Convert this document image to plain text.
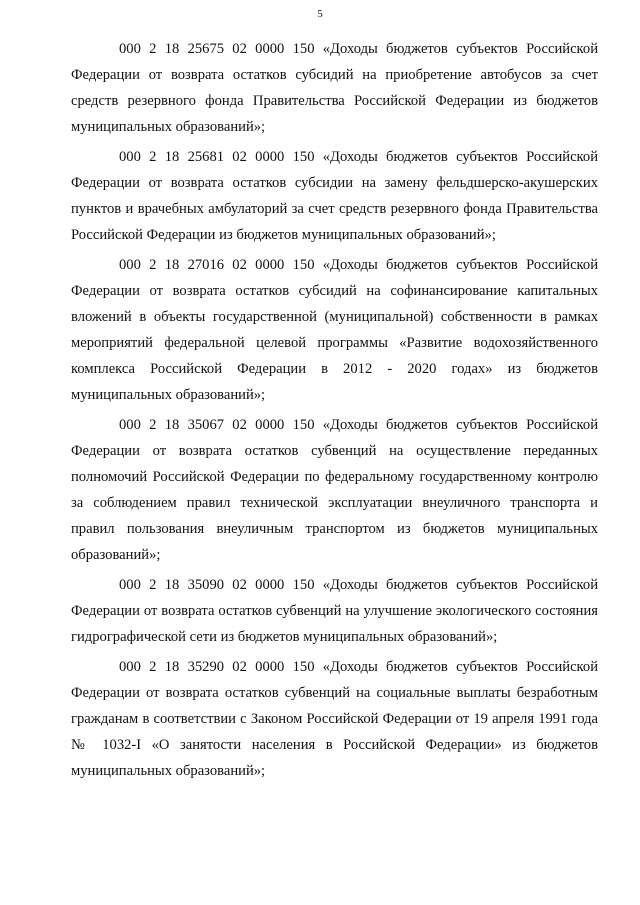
5

000 2 18 25675 02 0000 150 «Доходы бюджетов субъектов Российской Федерации от возврата остатков субсидий на приобретение автобусов за счет средств резервного фонда Правительства Российской Федерации из бюджетов муниципальных образований»;

000 2 18 25681 02 0000 150 «Доходы бюджетов субъектов Российской Федерации от возврата остатков субсидии на замену фельдшерско-акушерских пунктов и врачебных амбулаторий за счет средств резервного фонда Правительства Российской Федерации из бюджетов муниципальных образований»;

000 2 18 27016 02 0000 150 «Доходы бюджетов субъектов Российской Федерации от возврата остатков субсидий на софинансирование капитальных вложений в объекты государственной (муниципальной) собственности в рамках мероприятий федеральной целевой программы «Развитие водохозяйственного комплекса Российской Федерации в 2012 - 2020 годах» из бюджетов муниципальных образований»;

000 2 18 35067 02 0000 150 «Доходы бюджетов субъектов Российской Федерации от возврата остатков субвенций на осуществление переданных полномочий Российской Федерации по федеральному государственному контролю за соблюдением правил технической эксплуатации внеуличного транспорта и правил пользования внеуличным транспортом из бюджетов муниципальных образований»;

000 2 18 35090 02 0000 150 «Доходы бюджетов субъектов Российской Федерации от возврата остатков субвенций на улучшение экологического состояния гидрографической сети из бюджетов муниципальных образований»;

000 2 18 35290 02 0000 150 «Доходы бюджетов субъектов Российской Федерации от возврата остатков субвенций на социальные выплаты безработным гражданам в соответствии с Законом Российской Федерации от 19 апреля 1991 года № 1032-I «О занятости населения в Российской Федерации» из бюджетов муниципальных образований»;
